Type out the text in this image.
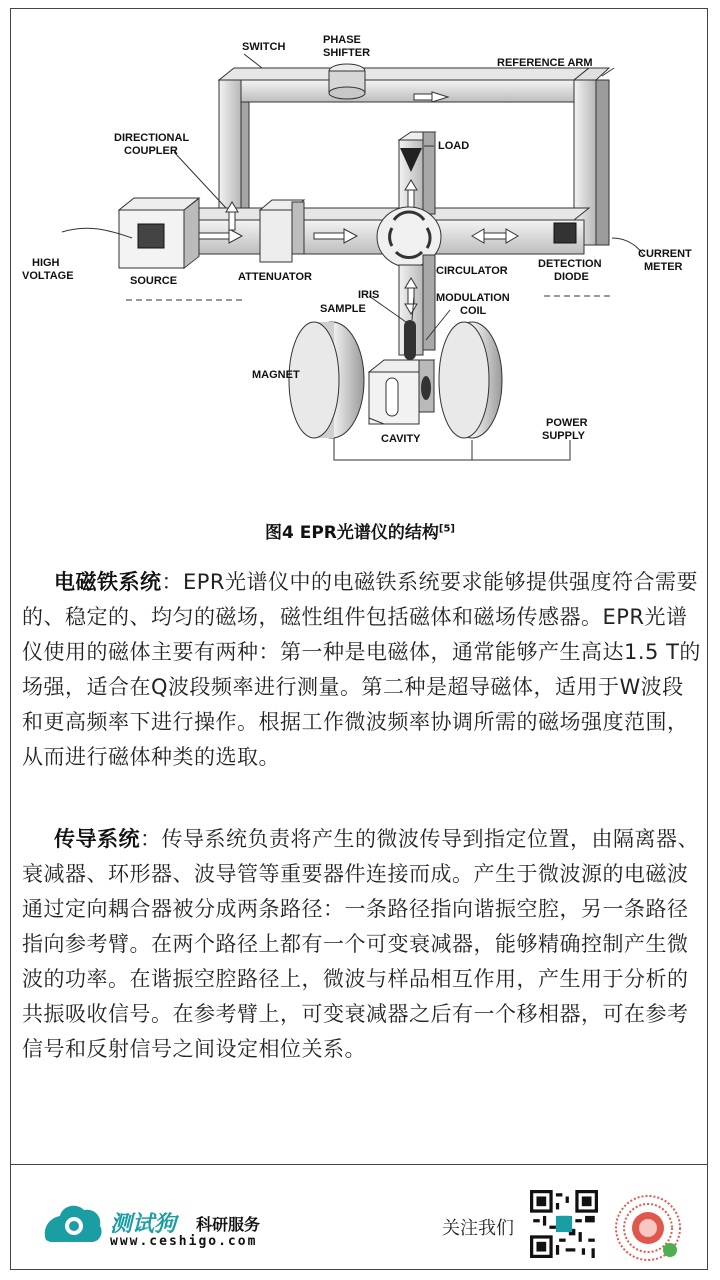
SWITCH
PHASE
SHIFTER
REFERENCE ARM
DIRECTIONAL
COUPLER	LOAD
HIGH
VOLTAGE	SOURCE	ATTENUATOR	CIRCULATOR
DETECTION
DIODE
CURRENT
METER
IRIS
SAMPLE
MODULATION
COIL
MAGNET
CAVITY
POWER
SUPPLY
图4 EPR光谱仪的结构[5]
电磁铁系统：EPR光谱仪中的电磁铁系统要求能够提供强度符合需要的、稳定的、均匀的磁场，磁性组件包括磁体和磁场传感器。EPR光谱仪使用的磁体主要有两种：第一种是电磁体，通常能够产生高达1.5 T的场强，适合在Q波段频率进行测量。第二种是超导磁体，适用于W波段和更高频率下进行操作。根据工作微波频率协调所需的磁场强度范围，从而进行磁体种类的选取。
传导系统：传导系统负责将产生的微波传导到指定位置，由隔离器、衰减器、环形器、波导管等重要器件连接而成。产生于微波源的电磁波通过定向耦合器被分成两条路径：一条路径指向谐振空腔，另一条路径指向参考臂。在两个路径上都有一个可变衰减器，能够精确控制产生微波的功率。在谐振空腔路径上，微波与样品相互作用，产生用于分析的共振吸收信号。在参考臂上，可变衰减器之后有一个移相器，可在参考信号和反射信号之间设定相位关系。
测试狗 科研服务
www.ceshigo.com
关注我们
